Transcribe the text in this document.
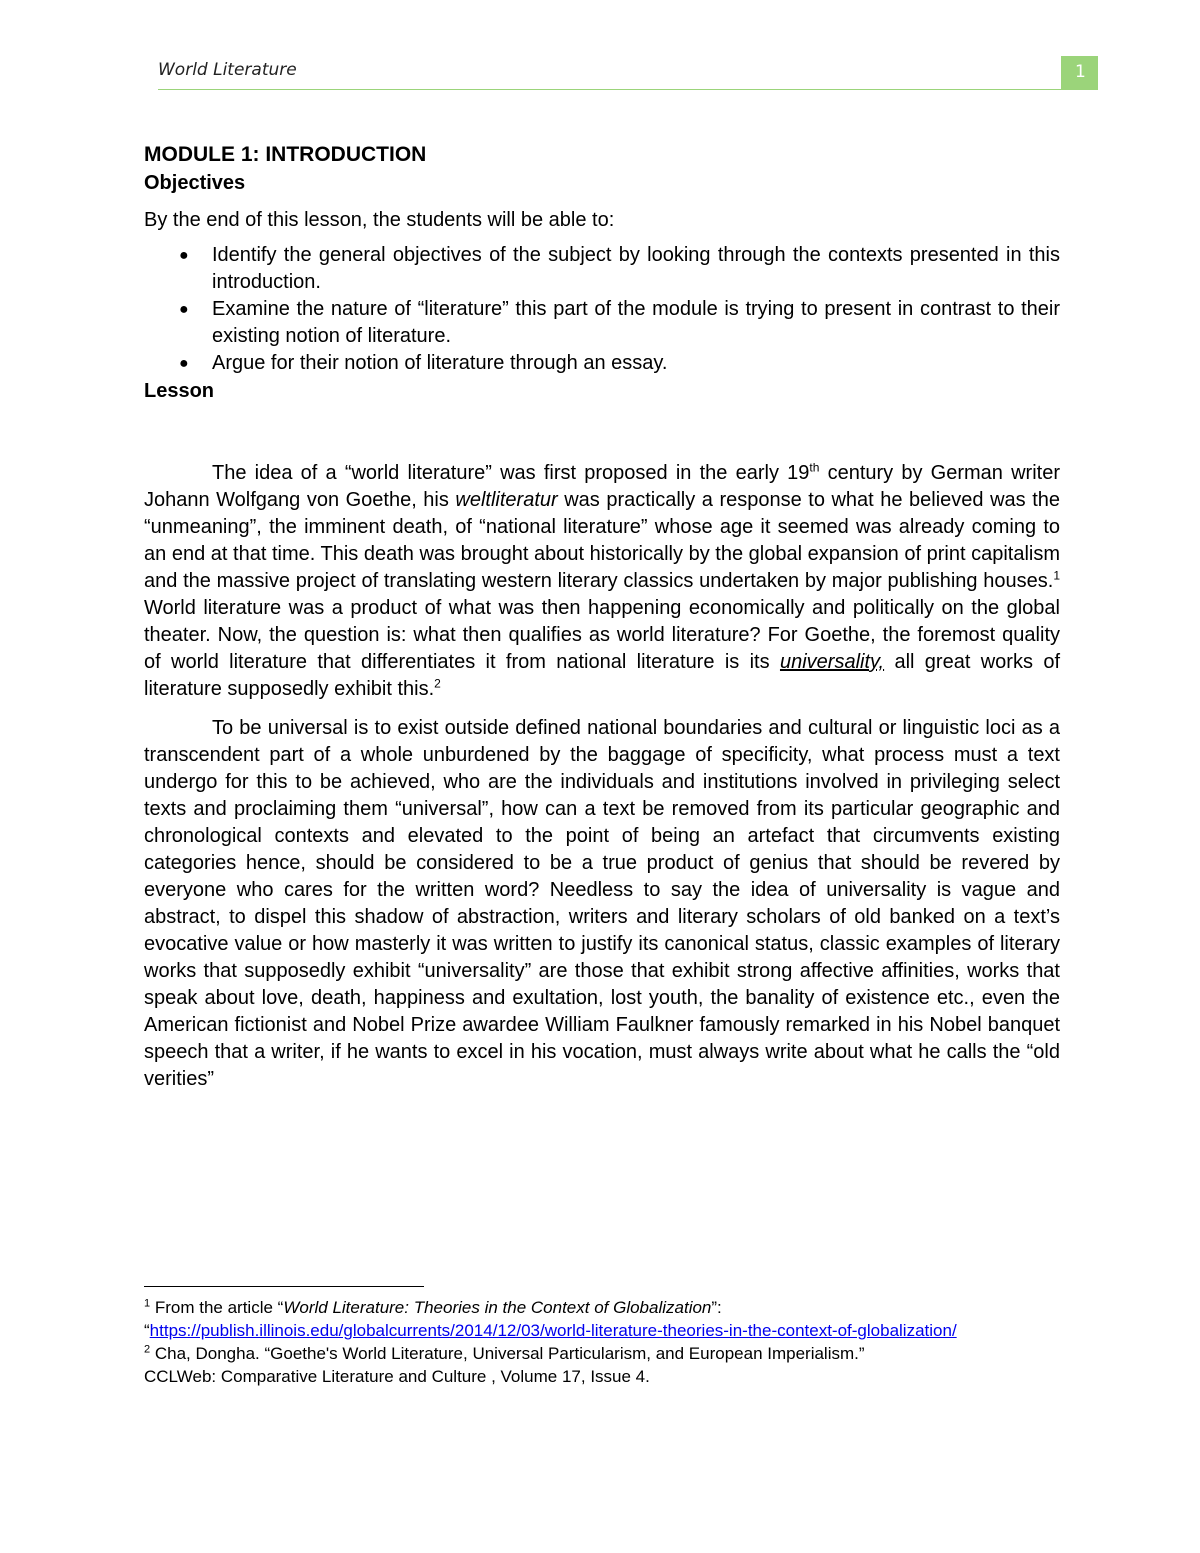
World Literature	1
MODULE 1: INTRODUCTION
Objectives

By the end of this lesson, the students will be able to:

● Identify the general objectives of the subject by looking through the contexts presented in this introduction.
● Examine the nature of “literature” this part of the module is trying to present in contrast to their existing notion of literature.
● Argue for their notion of literature through an essay.
Lesson

The idea of a “world literature” was first proposed in the early 19th century by German writer Johann Wolfgang von Goethe, his weltliteratur was practically a response to what he believed was the “unmeaning”, the imminent death, of “national literature” whose age it seemed was already coming to an end at that time. This death was brought about historically by the global expansion of print capitalism and the massive project of translating western literary classics undertaken by major publishing houses.$^1$ World literature was a product of what was then happening economically and politically on the global theater. Now, the question is: what then qualifies as world literature? For Goethe, the foremost quality of world literature that differentiates it from national literature is its universality, all great works of literature supposedly exhibit this.$^2$

To be universal is to exist outside defined national boundaries and cultural or linguistic loci as a transcendent part of a whole unburdened by the baggage of specificity, what process must a text undergo for this to be achieved, who are the individuals and institutions involved in privileging select texts and proclaiming them “universal”, how can a text be removed from its particular geographic and chronological contexts and elevated to the point of being an artefact that circumvents existing categories hence, should be considered to be a true product of genius that should be revered by everyone who cares for the written word? Needless to say the idea of universality is vague and abstract, to dispel this shadow of abstraction, writers and literary scholars of old banked on a text’s evocative value or how masterly it was written to justify its canonical status, classic examples of literary works that supposedly exhibit “universality” are those that exhibit strong affective affinities, works that speak about love, death, happiness and exultation, lost youth, the banality of existence etc., even the American fictionist and Nobel Prize awardee William Faulkner famously remarked in his Nobel banquet speech that a writer, if he wants to excel in his vocation, must always write about what he calls the “old verities”

$^1$ From the article “World Literature: Theories in the Context of Globalization”:
“https://publish.illinois.edu/globalcurrents/2014/12/03/world-literature-theories-in-the-context-of-globalization/
$^2$ Cha, Dongha. “Goethe's World Literature, Universal Particularism, and European Imperialism.”
CCLWeb: Comparative Literature and Culture , Volume 17, Issue 4.
